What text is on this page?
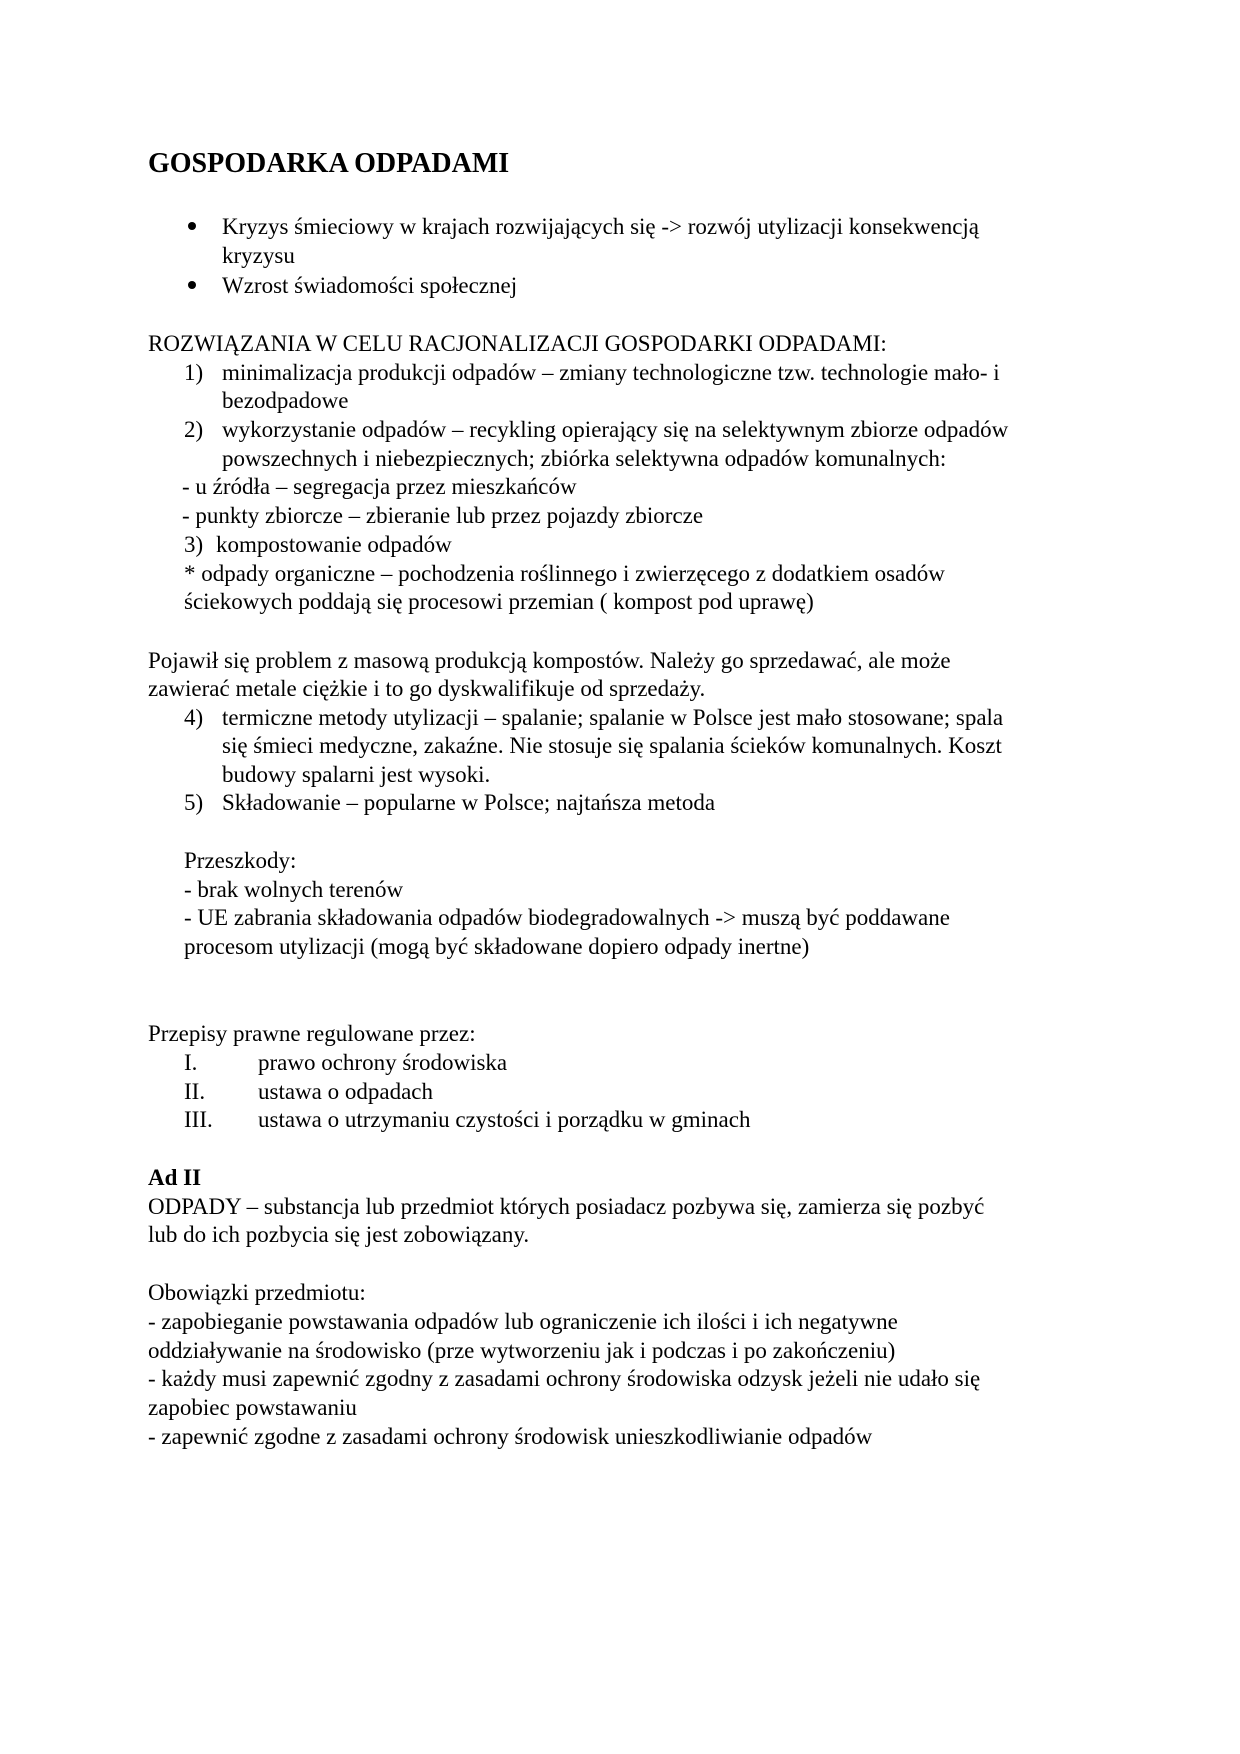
GOSPODARKA ODPADAMI
Kryzys śmieciowy w krajach rozwijających się -> rozwój utylizacji konsekwencją
kryzysu
Wzrost świadomości społecznej
ROZWIĄZANIA W CELU RACJONALIZACJI GOSPODARKI ODPADAMI:
1) minimalizacja produkcji odpadów – zmiany technologiczne tzw. technologie mało- i
bezodpadowe
2) wykorzystanie odpadów – recykling opierający się na selektywnym zbiorze odpadów
powszechnych i niebezpiecznych; zbiórka selektywna odpadów komunalnych:
- u źródła – segregacja przez mieszkańców
- punkty zbiorcze – zbieranie lub przez pojazdy zbiorcze
3) kompostowanie odpadów
* odpady organiczne – pochodzenia roślinnego i zwierzęcego z dodatkiem osadów
ściekowych poddają się procesowi przemian ( kompost pod uprawę)
Pojawił się problem z masową produkcją kompostów. Należy go sprzedawać, ale może
zawierać metale ciężkie i to go dyskwalifikuje od sprzedaży.
4) termiczne metody utylizacji – spalanie; spalanie w Polsce jest mało stosowane; spala
się śmieci medyczne, zakaźne. Nie stosuje się spalania ścieków komunalnych. Koszt
budowy spalarni jest wysoki.
5) Składowanie – popularne w Polsce; najtańsza metoda
Przeszkody:
- brak wolnych terenów
- UE zabrania składowania odpadów biodegradowalnych -> muszą być poddawane
procesom utylizacji (mogą być składowane dopiero odpady inertne)
Przepisy prawne regulowane przez:
I.	prawo ochrony środowiska
II. ustawa o odpadach
III. ustawa o utrzymaniu czystości i porządku w gminach
Ad II
ODPADY – substancja lub przedmiot których posiadacz pozbywa się, zamierza się pozbyć
lub do ich pozbycia się jest zobowiązany.
Obowiązki przedmiotu:
- zapobieganie powstawania odpadów lub ograniczenie ich ilości i ich negatywne
oddziaływanie na środowisko (prze wytworzeniu jak i podczas i po zakończeniu)
- każdy musi zapewnić zgodny z zasadami ochrony środowiska odzysk jeżeli nie udało się
zapobiec powstawaniu
- zapewnić zgodne z zasadami ochrony środowisk unieszkodliwianie odpadów
